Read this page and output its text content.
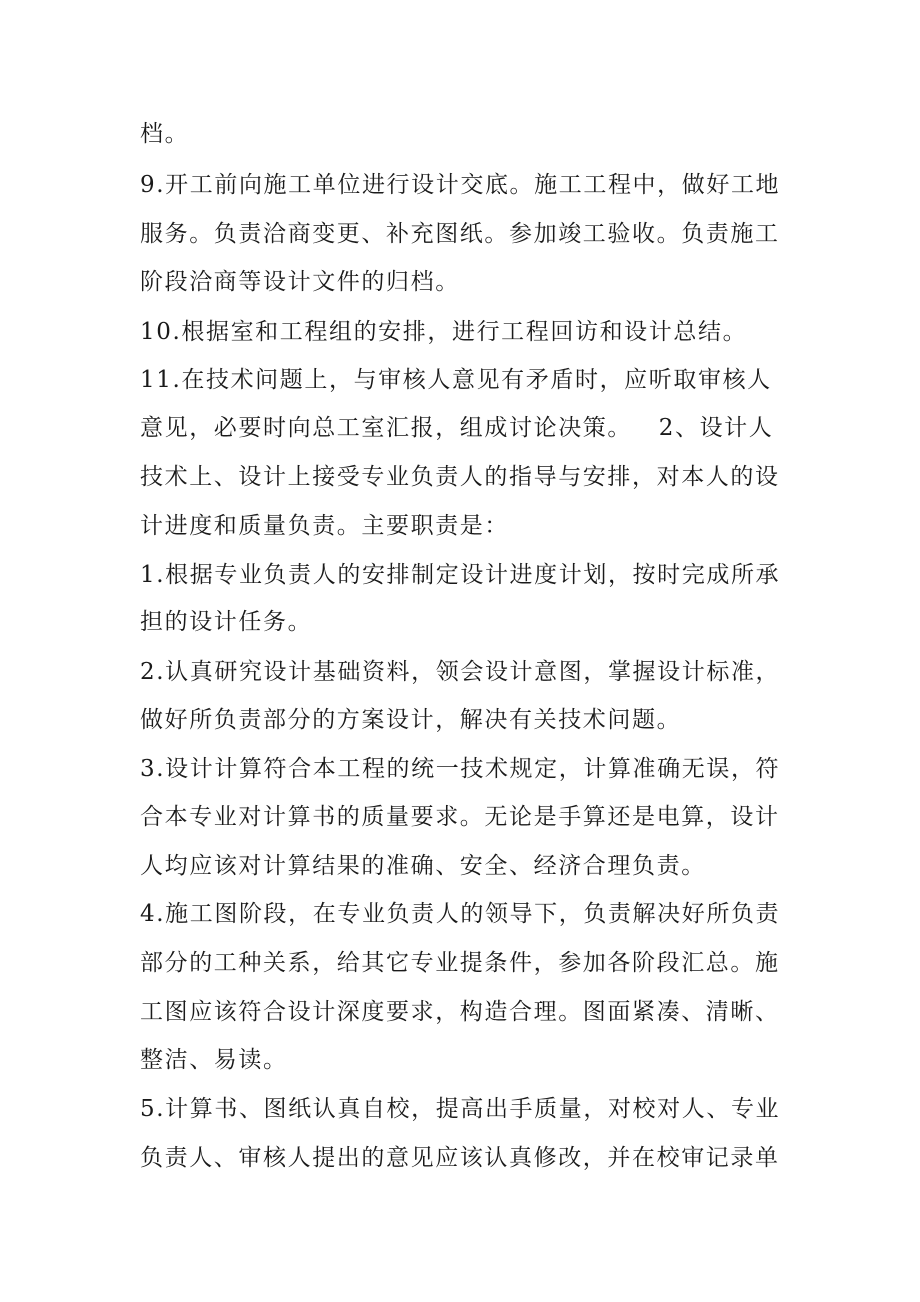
档。

9.开工前向施工单位进行设计交底。施工工程中，做好工地

服务。负责洽商变更、补充图纸。参加竣工验收。负责施工

阶段洽商等设计文件的归档。

10.根据室和工程组的安排，进行工程回访和设计总结。

11.在技术问题上，与审核人意见有矛盾时，应听取审核人

意见，必要时向总工室汇报，组成讨论决策。   2、设计人

技术上、设计上接受专业负责人的指导与安排，对本人的设

计进度和质量负责。主要职责是：

1.根据专业负责人的安排制定设计进度计划，按时完成所承

担的设计任务。

2.认真研究设计基础资料，领会设计意图，掌握设计标准，

做好所负责部分的方案设计，解决有关技术问题。

3.设计计算符合本工程的统一技术规定，计算准确无误，符

合本专业对计算书的质量要求。无论是手算还是电算，设计

人均应该对计算结果的准确、安全、经济合理负责。

4.施工图阶段，在专业负责人的领导下，负责解决好所负责

部分的工种关系，给其它专业提条件，参加各阶段汇总。施

工图应该符合设计深度要求，构造合理。图面紧凑、清晰、

整洁、易读。

5.计算书、图纸认真自校，提高出手质量，对校对人、专业

负责人、审核人提出的意见应该认真修改，并在校审记录单
